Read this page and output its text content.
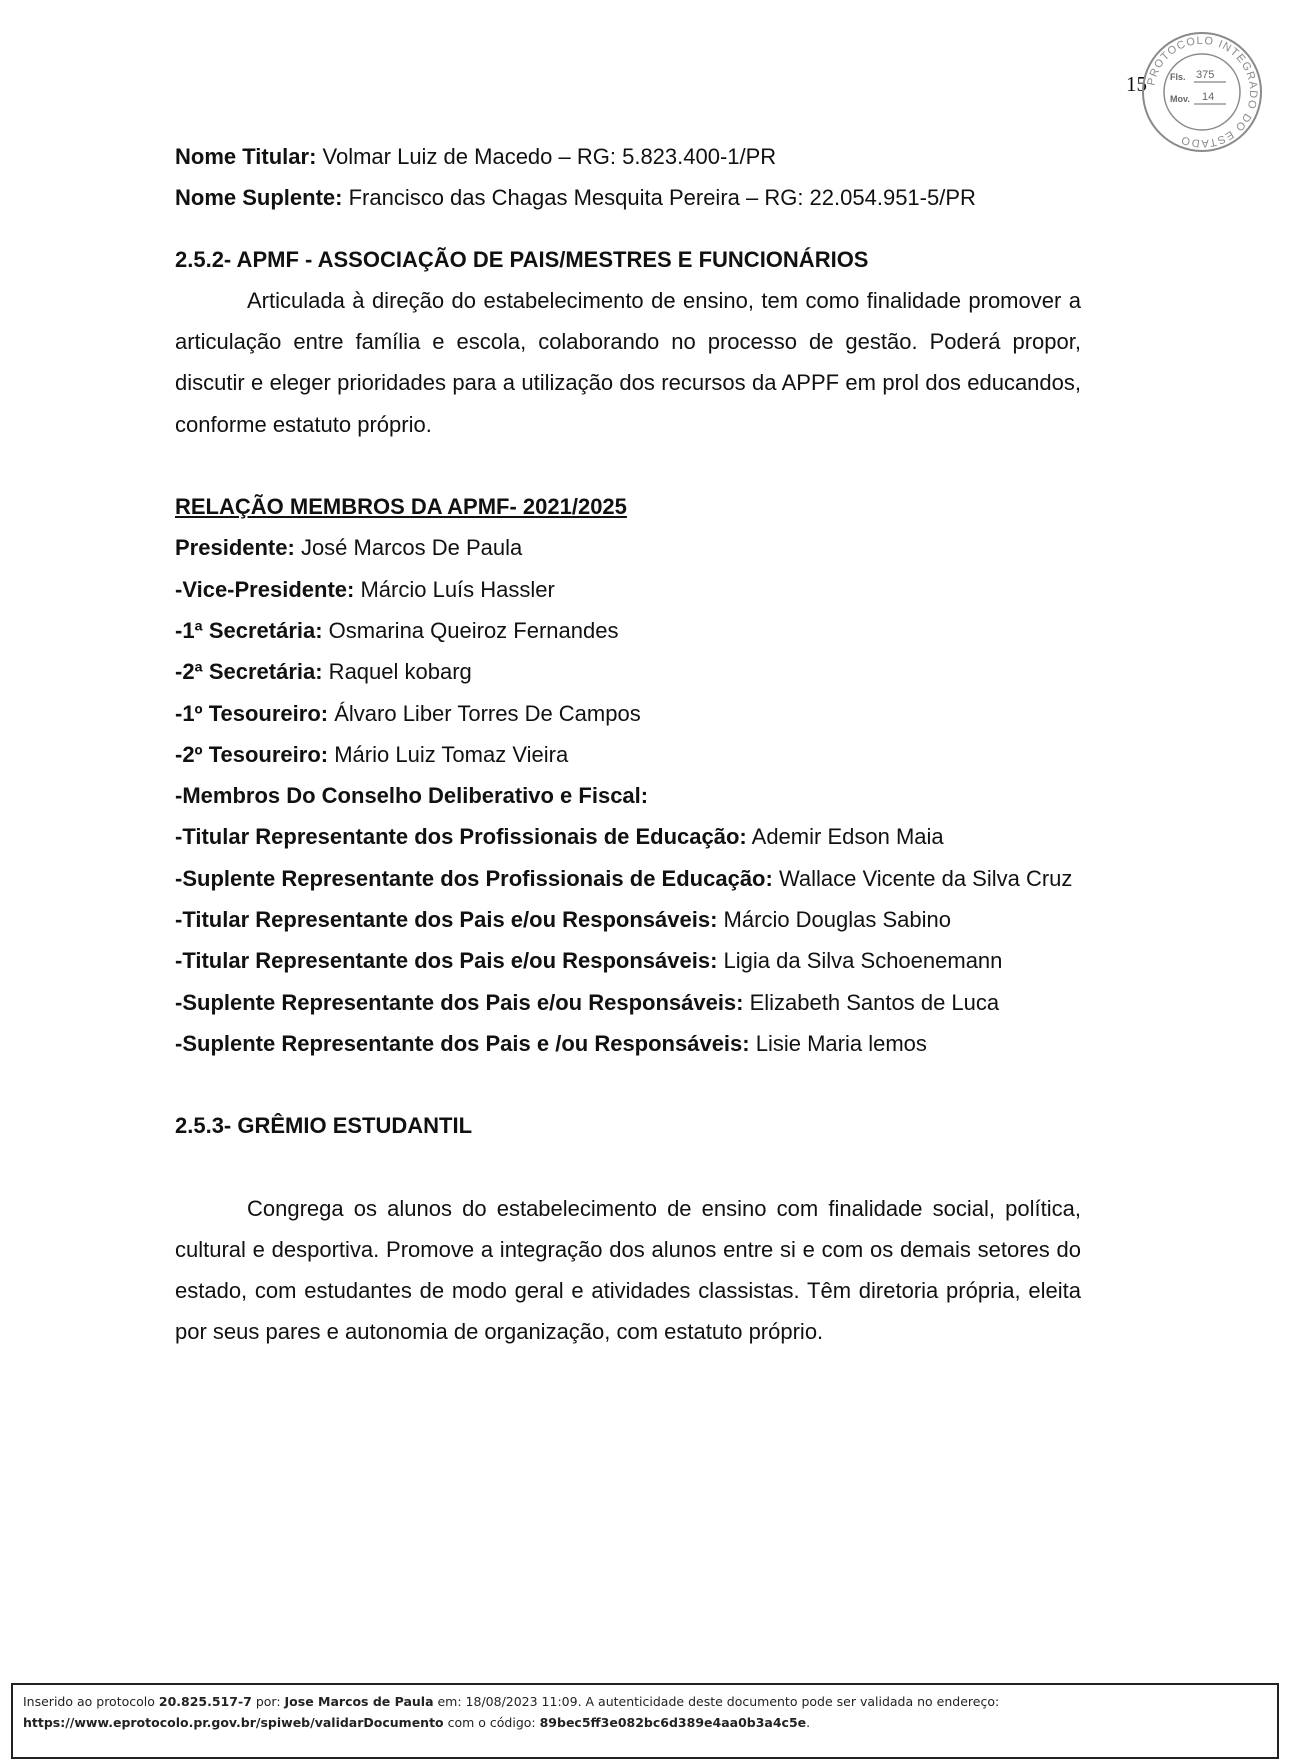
15
PROTOCOLO INTEGRADO DO ESTADO
Fls. 375
Mov. 14

Nome Titular: Volmar Luiz de Macedo – RG: 5.823.400-1/PR

Nome Suplente: Francisco das Chagas Mesquita Pereira – RG: 22.054.951-5/PR

2.5.2- APMF - ASSOCIAÇÃO DE PAIS/MESTRES E FUNCIONÁRIOS

Articulada à direção do estabelecimento de ensino, tem como finalidade promover a articulação entre família e escola, colaborando no processo de gestão. Poderá propor, discutir e eleger prioridades para a utilização dos recursos da APPF em prol dos educandos, conforme estatuto próprio.

RELAÇÃO MEMBROS DA APMF- 2021/2025

Presidente: José Marcos De Paula

-Vice-Presidente: Márcio Luís Hassler

-1ª Secretária: Osmarina Queiroz Fernandes

-2ª Secretária: Raquel kobarg

-1º Tesoureiro: Álvaro Liber Torres De Campos

-2º Tesoureiro: Mário Luiz Tomaz Vieira

-Membros Do Conselho Deliberativo e Fiscal:

-Titular Representante dos Profissionais de Educação: Ademir Edson Maia

-Suplente Representante dos Profissionais de Educação: Wallace Vicente da Silva Cruz

-Titular Representante dos Pais e/ou Responsáveis: Márcio Douglas Sabino

-Titular Representante dos Pais e/ou Responsáveis: Ligia da Silva Schoenemann

-Suplente Representante dos Pais e/ou Responsáveis: Elizabeth Santos de Luca

-Suplente Representante dos Pais e /ou Responsáveis: Lisie Maria lemos

2.5.3- GRÊMIO ESTUDANTIL

Congrega os alunos do estabelecimento de ensino com finalidade social, política, cultural e desportiva. Promove a integração dos alunos entre si e com os demais setores do estado, com estudantes de modo geral e atividades classistas. Têm diretoria própria, eleita por seus pares e autonomia de organização, com estatuto próprio.

Inserido ao protocolo 20.825.517-7 por: Jose Marcos de Paula em: 18/08/2023 11:09. A autenticidade deste documento pode ser validada no endereço:
https://www.eprotocolo.pr.gov.br/spiweb/validarDocumento com o código: 89bec5ff3e082bc6d389e4aa0b3a4c5e.
